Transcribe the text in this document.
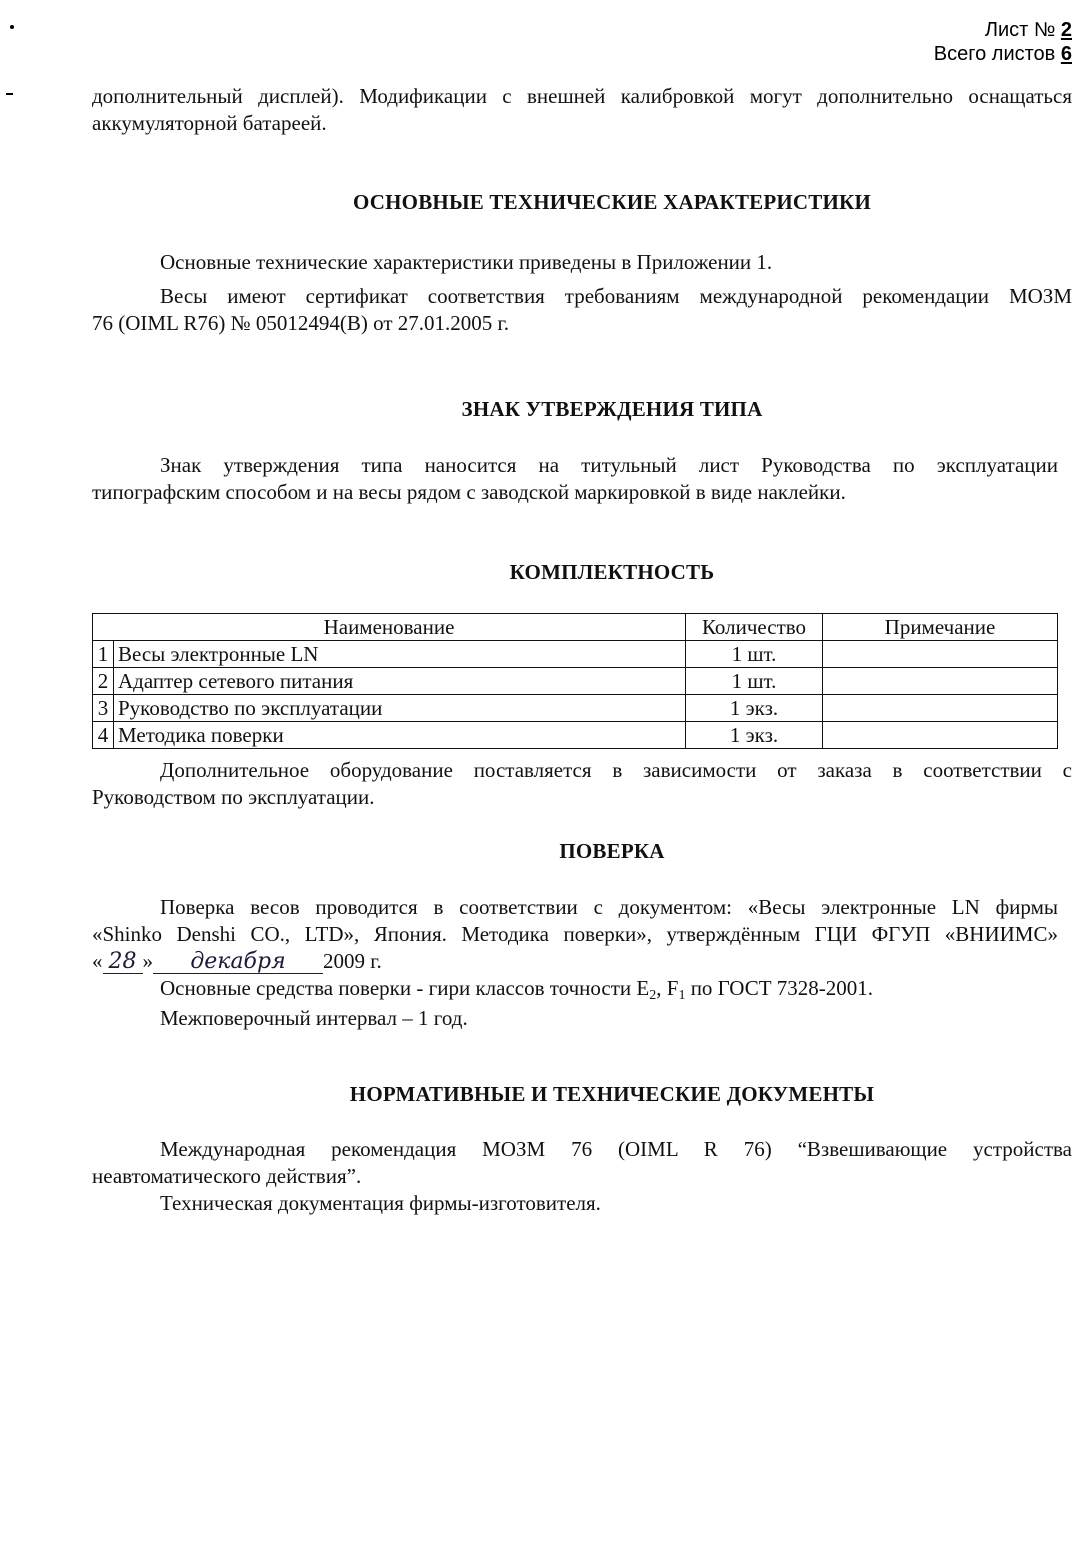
Лист № 2
Всего листов 6
дополнительный дисплей). Модификации с внешней калибровкой могут дополнительно оснащаться
аккумуляторной батареей.
ОСНОВНЫЕ ТЕХНИЧЕСКИЕ ХАРАКТЕРИСТИКИ
Основные технические характеристики приведены в Приложении 1.
Весы имеют сертификат соответствия требованиям международной рекомендации МОЗМ
76 (OIML R76) № 05012494(B) от 27.01.2005 г.
ЗНАК УТВЕРЖДЕНИЯ ТИПА
Знак утверждения типа наносится на титульный лист Руководства по эксплуатации
типографским способом и на весы рядом с заводской маркировкой в виде наклейки.
КОМПЛЕКТНОСТЬ
Наименование		Количество	Примечание
1	Весы электронные LN	1 шт.	
2	Адаптер сетевого питания	1 шт.	
3	Руководство по эксплуатации	1 экз.	
4	Методика поверки	1 экз.	
Дополнительное оборудование поставляется в зависимости от заказа в соответствии с
Руководством по эксплуатации.
ПОВЕРКА
Поверка весов проводится в соответствии с документом: «Весы электронные LN фирмы
«Shinko Denshi CO., LTD», Япония. Методика поверки», утверждённым ГЦИ ФГУП «ВНИИМС»
« 28 » декабря 2009 г.
Основные средства поверки - гири классов точности $E_2$, $F_1$ по ГОСТ 7328-2001.
Межповерочный интервал – 1 год.
НОРМАТИВНЫЕ И ТЕХНИЧЕСКИЕ ДОКУМЕНТЫ
Международная рекомендация МОЗМ 76 (OIML R 76) “Взвешивающие устройства
неавтоматического действия”.
Техническая документация фирмы-изготовителя.
